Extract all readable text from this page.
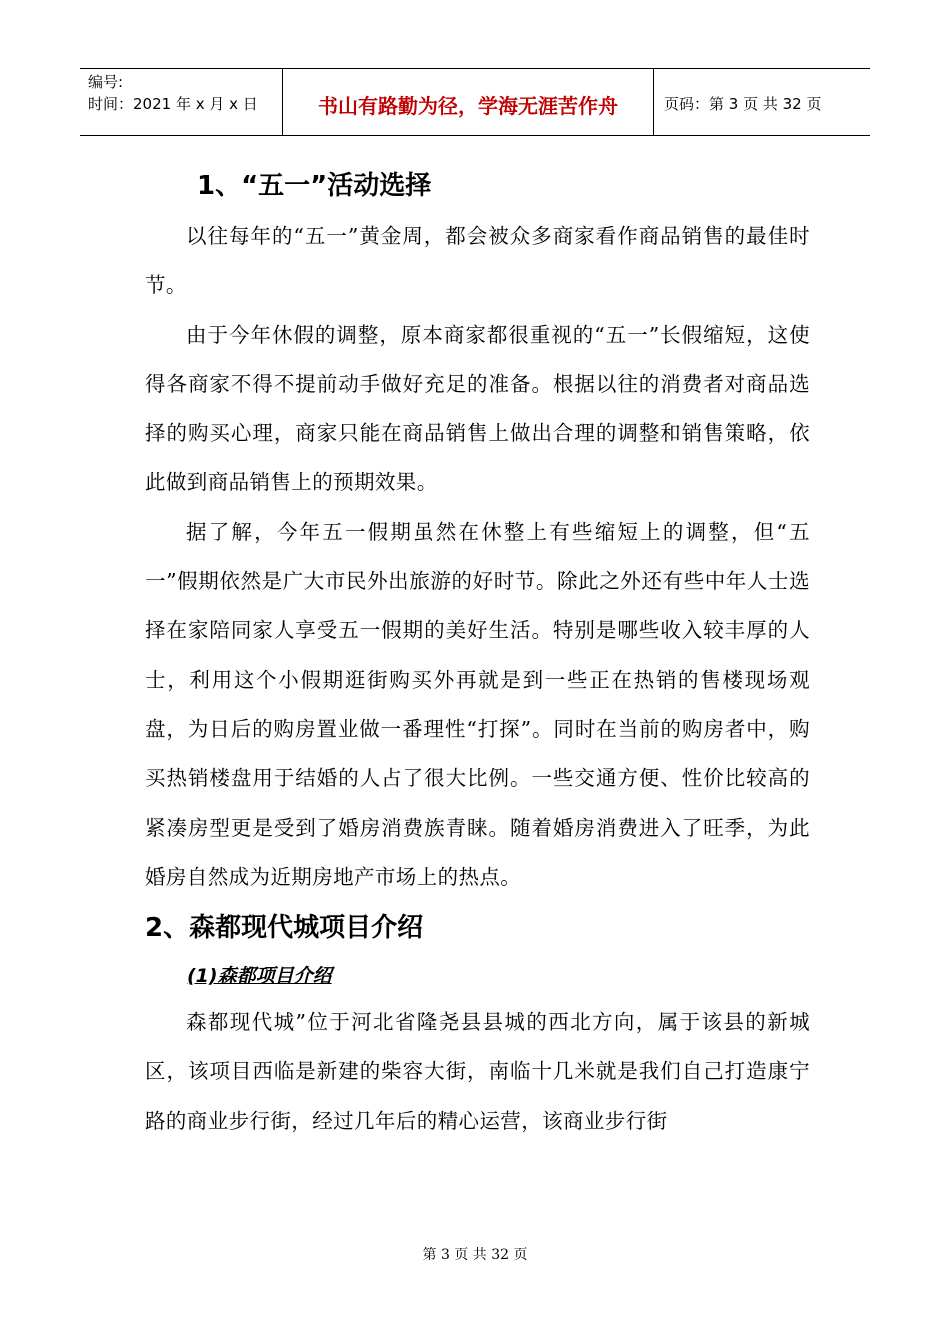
编号:
时间：2021 年 x 月 x 日	书山有路勤为径，学海无涯苦作舟	页码：第 3 页 共 32 页
1、“五一”活动选择

以往每年的“五一”黄金周，都会被众多商家看作商品销售的最佳时节。

由于今年休假的调整，原本商家都很重视的“五一”长假缩短，这使得各商家不得不提前动手做好充足的准备。根据以往的消费者对商品选择的购买心理，商家只能在商品销售上做出合理的调整和销售策略，依此做到商品销售上的预期效果。

据了解，今年五一假期虽然在休整上有些缩短上的调整，但“五一”假期依然是广大市民外出旅游的好时节。除此之外还有些中年人士选择在家陪同家人享受五一假期的美好生活。特别是哪些收入较丰厚的人士，利用这个小假期逛街购买外再就是到一些正在热销的售楼现场观盘，为日后的购房置业做一番理性“打探”。同时在当前的购房者中，购买热销楼盘用于结婚的人占了很大比例。一些交通方便、性价比较高的紧凑房型更是受到了婚房消费族青睐。随着婚房消费进入了旺季，为此婚房自然成为近期房地产市场上的热点。

2、森都现代城项目介绍
(1)森都项目介绍

森都现代城”位于河北省隆尧县县城的西北方向，属于该县的新城区，该项目西临是新建的柴容大街，南临十几米就是我们自己打造康宁路的商业步行街，经过几年后的精心运营，该商业步行街

第 3 页 共 32 页
